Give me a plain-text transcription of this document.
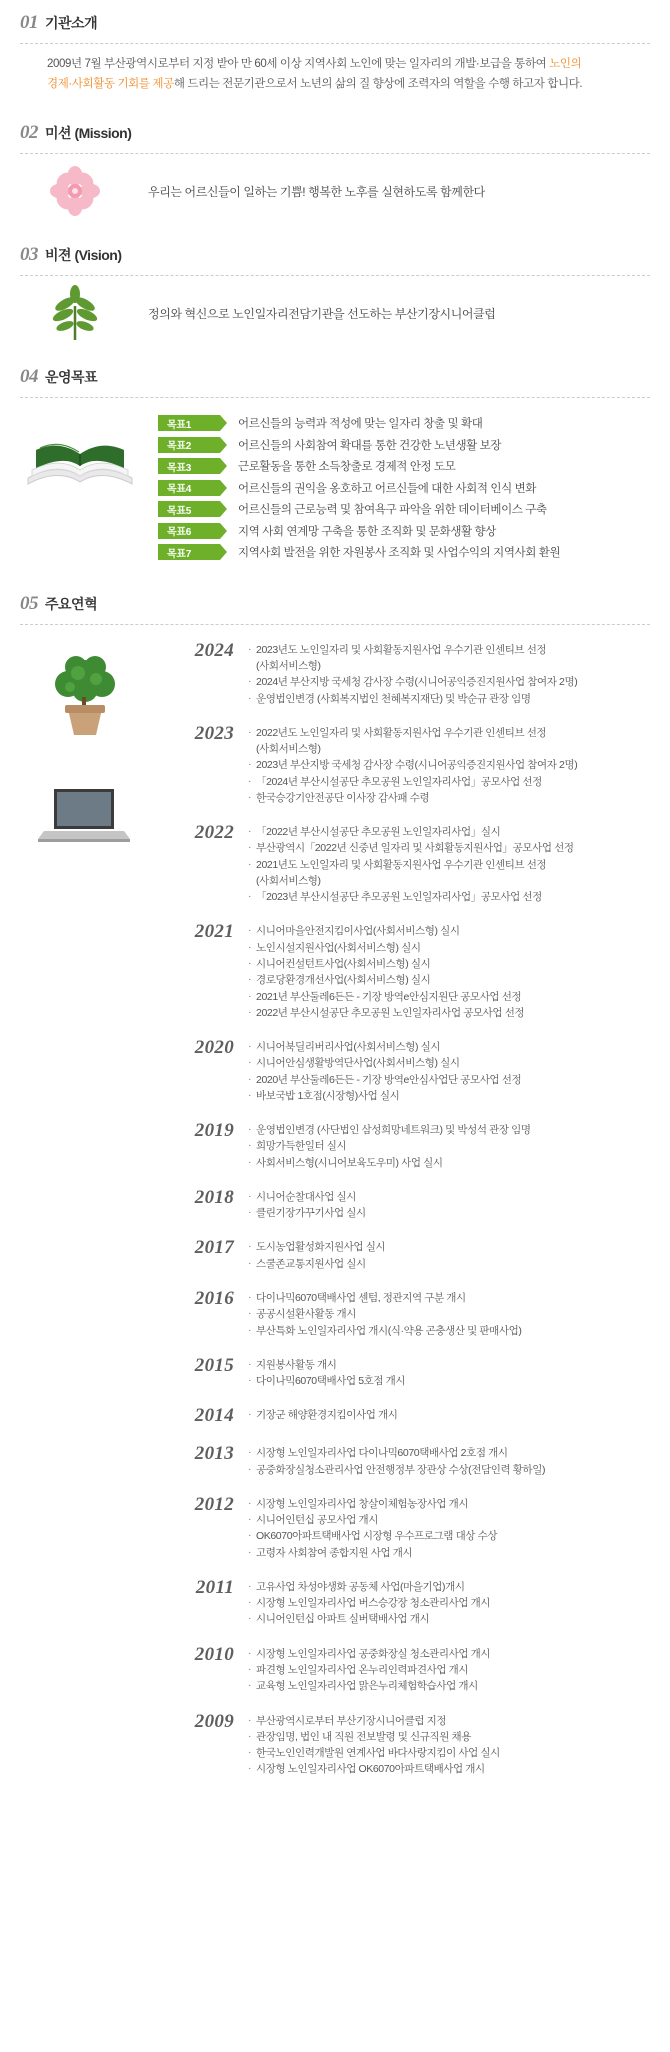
01 기관소개
2009년 7월 부산광역시로부터 지정 받아 만 60세 이상 지역사회 노인에 맞는 일자리의 개발·보급을 통하여 노인의
경제·사회활동 기회를 제공해 드리는 전문기관으로서 노년의 삶의 질 향상에 조력자의 역할을 수행 하고자 합니다.
02 미션 (Mission)
우리는 어르신들이 일하는 기쁨! 행복한 노후를 실현하도록 함께한다
03 비젼 (Vision)
정의와 혁신으로 노인일자리전담기관을 선도하는 부산기장시니어클럽
04 운영목표
목표1	어르신들의 능력과 적성에 맞는 일자리 창출 및 확대
목표2	어르신들의 사회참여 확대를 통한 건강한 노년생활 보장
목표3	근로활동을 통한 소득창출로 경제적 안정 도모
목표4	어르신들의 권익을 옹호하고 어르신들에 대한 사회적 인식 변화
목표5	어르신들의 근로능력 및 참여욕구 파악을 위한 데이터베이스 구축
목표6	지역 사회 연계망 구축을 통한 조직화 및 문화생활 향상
목표7	지역사회 발전을 위한 자원봉사 조직화 및 사업수익의 지역사회 환원
05 주요연혁

2024	· 2023년도 노인일자리 및 사회활동지원사업 우수기관 인센티브 선정
(사회서비스형)
· 2024년 부산지방 국세청 감사장 수령(시니어공익증진지원사업 참여자 2명)
· 운영법인변경 (사회복지법인 천혜복지재단) 및 박순규 관장 임명
2023	· 2022년도 노인일자리 및 사회활동지원사업 우수기관 인센티브 선정
(사회서비스형)
· 2023년 부산지방 국세청 감사장 수령(시니어공익증진지원사업 참여자 2명)
· 「2024년 부산시설공단 추모공원 노인일자리사업」공모사업 선정
· 한국승강기안전공단 이사장 감사패 수령
2022	· 「2022년 부산시설공단 추모공원 노인일자리사업」실시
· 부산광역시「2022년 신중년 일자리 및 사회활동지원사업」공모사업 선정
· 2021년도 노인일자리 및 사회활동지원사업 우수기관 인센티브 선정
(사회서비스형)
· 「2023년 부산시설공단 추모공원 노인일자리사업」공모사업 선정
2021	· 시니어마을안전지킴이사업(사회서비스형) 실시
· 노인시설지원사업(사회서비스형) 실시
· 시니어컨설턴트사업(사회서비스형) 실시
· 경로당환경개선사업(사회서비스형) 실시
· 2021년 부산둘레6든든 - 기장 방역e안심지원단 공모사업 선정
· 2022년 부산시설공단 추모공원 노인일자리사업 공모사업 선정
2020	· 시니어북딜리버리사업(사회서비스형) 실시
· 시니어안심생활방역단사업(사회서비스형) 실시
· 2020년 부산둘레6든든 - 기장 방역e안심사업단 공모사업 선정
· 바보국밥 1호점(시장형)사업 실시
2019	· 운영법인변경 (사단법인 삼성희망네트워크) 및 박성석 관장 임명
· 희망가득한일터 실시
· 사회서비스형(시니어보육도우미) 사업 실시
2018	· 시니어순찰대사업 실시
· 클린기장가꾸기사업 실시
2017	· 도시농업활성화지원사업 실시
· 스쿨존교통지원사업 실시
2016	· 다이나믹6070택배사업 센텀, 정관지역 구분 개시
· 공공시설환사활동 개시
· 부산특화 노인일자리사업 개시(식·약용 곤충생산 및 판매사업)
2015	· 지원봉사활동 개시
· 다이나믹6070택배사업 5호점 개시
2014	· 기장군 해양환경지킴이사업 개시
2013	· 시장형 노인일자리사업 다이나믹6070택배사업 2호점 개시
· 공중화장실청소관리사업 안전행정부 장관상 수상(전담인력 황하일)
2012	· 시장형 노인일자리사업 창살이체험농장사업 개시
· 시니어인턴십 공모사업 개시
· OK6070아파트택배사업 시장형 우수프로그램 대상 수상
· 고령자 사회참여 종합지원 사업 개시
2011	· 고유사업 차성야생화 공동체 사업(마을기업)개시
· 시장형 노인일자리사업 버스승강장 청소관리사업 개시
· 시니어인턴십 아파트 실버택배사업 개시
2010	· 시장형 노인일자리사업 공중화장실 청소관리사업 개시
· 파견형 노인일자리사업 온누리인력파견사업 개시
· 교육형 노인일자리사업 맑은누리체험학습사업 개시
2009	· 부산광역시로부터 부산기장시니어클럽 지정
· 관장임명, 법인 내 직원 전보발령 및 신규직원 채용
· 한국노인인력개발원 연계사업 바다사랑지킴이 사업 실시
· 시장형 노인일자리사업 OK6070아파트택배사업 개시
